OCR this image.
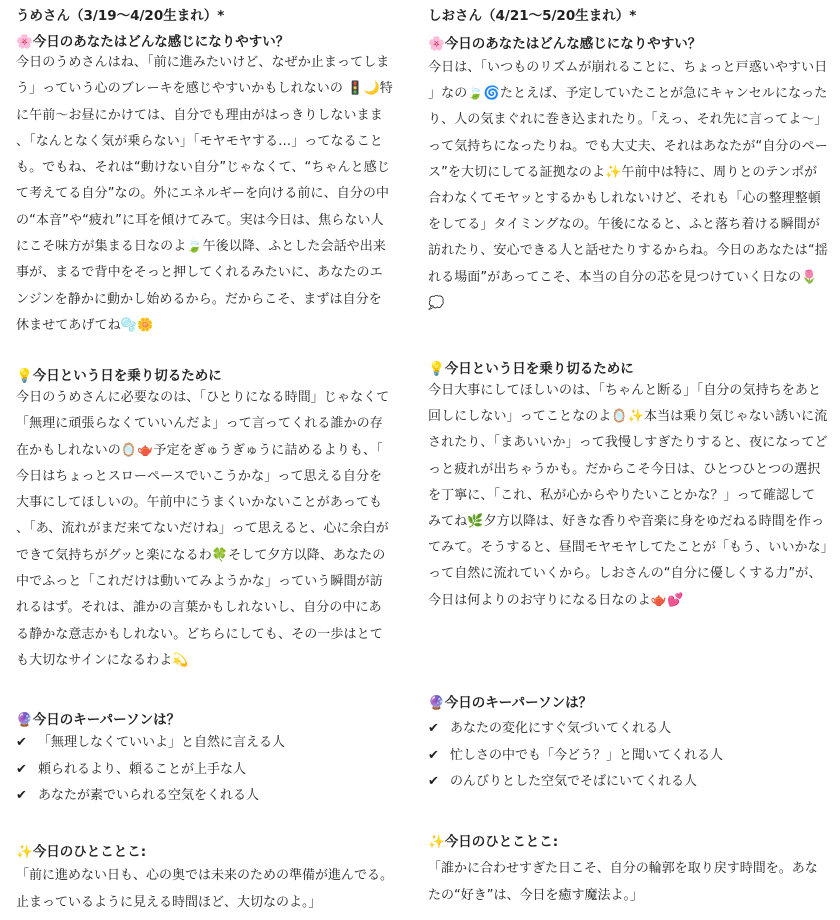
うめさん（3/19〜4/20生まれ）*
🌸今日のあなたはどんな感じになりやすい？

今日のうめさんはね、「前に進みたいけど、なぜか止まってしまう」っていう心のブレーキを感じやすいかもしれないの 🚦🌙特に午前〜お昼にかけては、自分でも理由がはっきりしないまま、「なんとなく気が乗らない」「モヤモヤする…」ってなることも。でもね、それは“動けない自分”じゃなくて、“ちゃんと感じて考えてる自分”なの。外にエネルギーを向ける前に、自分の中の“本音”や“疲れ”に耳を傾けてみて。実は今日は、焦らない人にこそ味方が集まる日なのよ🍃午後以降、ふとした会話や出来事が、まるで背中をそっと押してくれるみたいに、あなたのエンジンを静かに動かし始めるから。だからこそ、まずは自分を休ませてあげてね🫧🌼

💡今日という日を乗り切るために

今日のうめさんに必要なのは、「ひとりになる時間」じゃなくて「無理に頑張らなくていいんだよ」って言ってくれる誰かの存在かもしれないの🪞🫖予定をぎゅうぎゅうに詰めるよりも、「今日はちょっとスローペースでいこうかな」って思える自分を大事にしてほしいの。午前中にうまくいかないことがあっても、「あ、流れがまだ来てないだけね」って思えると、心に余白ができて気持ちがグッと楽になるわ🍀そして夕方以降、あなたの中でふっと「これだけは動いてみようかな」っていう瞬間が訪れるはず。それは、誰かの言葉かもしれないし、自分の中にある静かな意志かもしれない。どちらにしても、その一歩はとても大切なサインになるわよ💫

🔮今日のキーパーソンは？
✔ 「無理しなくていいよ」と自然に言える人
✔ 頼られるより、頼ることが上手な人
✔ あなたが素でいられる空気をくれる人
✨今日のひとことこ:

「前に進めない日も、心の奥では未来のための準備が進んでる。止まっているように見える時間ほど、大切なのよ。」

しおさん（4/21〜5/20生まれ）*
🌸今日のあなたはどんな感じになりやすい？

今日は、「いつものリズムが崩れることに、ちょっと戸惑いやすい日」なの🍃🌀たとえば、予定していたことが急にキャンセルになったり、人の気まぐれに巻き込まれたり。「えっ、それ先に言ってよ〜」って気持ちになったりね。でも大丈夫、それはあなたが“自分のペース”を大切にしてる証拠なのよ✨午前中は特に、周りとのテンポが合わなくてモヤッとするかもしれないけど、それも「心の整理整頓をしてる」タイミングなの。午後になると、ふと落ち着ける瞬間が訪れたり、安心できる人と話せたりするからね。今日のあなたは“揺れる場面”があってこそ、本当の自分の芯を見つけていく日なの🌷💭

💡今日という日を乗り切るために

今日大事にしてほしいのは、「ちゃんと断る」「自分の気持ちをあと回しにしない」ってことなのよ🪞✨本当は乗り気じゃない誘いに流されたり、「まあいいか」って我慢しすぎたりすると、夜になってどっと疲れが出ちゃうかも。だからこそ今日は、ひとつひとつの選択を丁寧に、「これ、私が心からやりたいことかな？」って確認してみてね🌿夕方以降は、好きな香りや音楽に身をゆだねる時間を作ってみて。そうすると、昼間モヤモヤしてたことが「もう、いいかな」って自然に流れていくから。しおさんの“自分に優しくする力”が、今日は何よりのお守りになる日なのよ🫖💕

🔮今日のキーパーソンは？
✔ あなたの変化にすぐ気づいてくれる人
✔ 忙しさの中でも「今どう？」と聞いてくれる人
✔ のんびりとした空気でそばにいてくれる人
✨今日のひとことこ:

「誰かに合わせすぎた日こそ、自分の輪郭を取り戻す時間を。あなたの“好き”は、今日を癒す魔法よ。」
